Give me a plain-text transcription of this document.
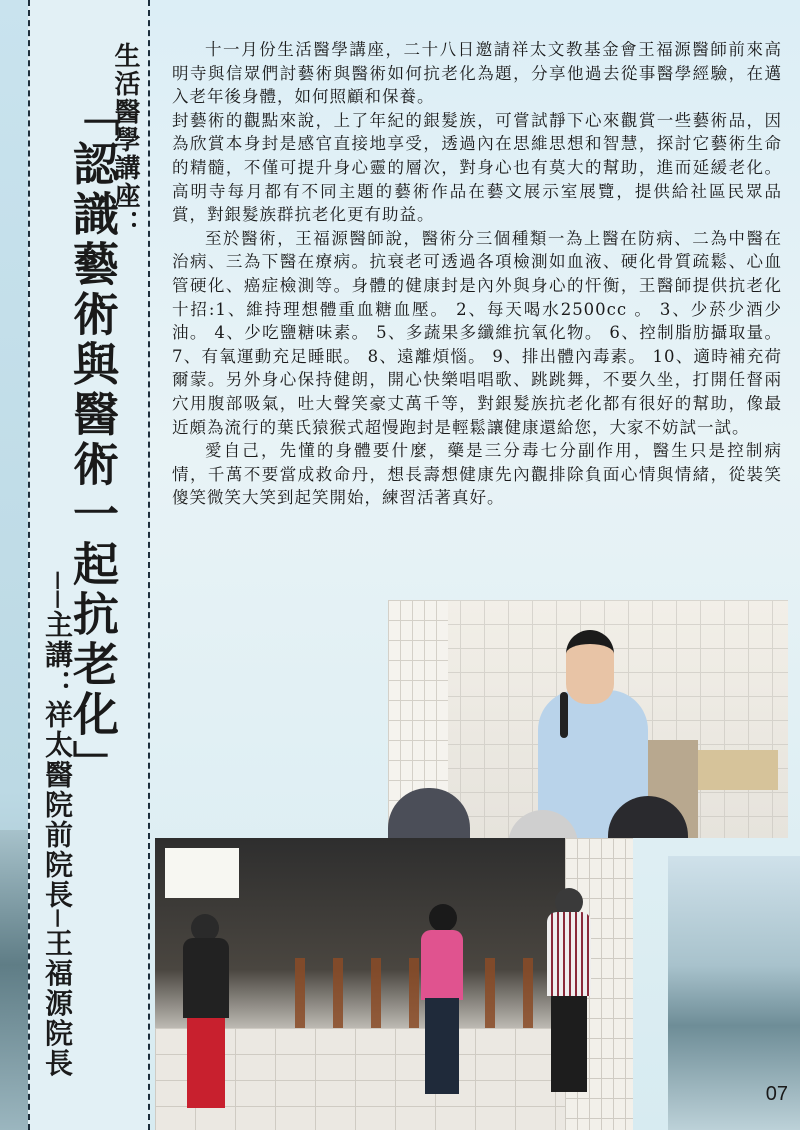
生活醫學講座：
「認識藝術與醫術一起抗老化」
──主講：祥太醫院前院長─王福源院長

十一月份生活醫學講座，二十八日邀請祥太文教基金會王福源醫師前來高明寺與信眾們討藝術與醫術如何抗老化為題，分享他過去從事醫學經驗，在邁入老年後身體，如何照顧和保養。

封藝術的觀點來說，上了年紀的銀髮族，可嘗試靜下心來觀賞一些藝術品，因為欣賞本身封是感官直接地享受，透過內在思維思想和智慧，探討它藝術生命的精髓，不僅可提升身心靈的層次，對身心也有莫大的幫助，進而延緩老化。高明寺每月都有不同主題的藝術作品在藝文展示室展覽，提供給社區民眾品賞，對銀髮族群抗老化更有助益。

至於醫術，王福源醫師說，醫術分三個種類一為上醫在防病、二為中醫在治病、三為下醫在療病。抗衰老可透過各項檢測如血液、硬化骨質疏鬆、心血管硬化、癌症檢測等。身體的健康封是內外與身心的忓衡，王醫師提供抗老化十招:1、維持理想體重血糖血壓。 2、每天喝水2500cc 。 3、少菸少酒少油。 4、少吃鹽糖味素。 5、多蔬果多纖維抗氧化物。 6、控制脂肪攝取量。 7、有氧運動充足睡眠。 8、遠離煩惱。 9、排出體內毒素。 10、適時補充荷爾蒙。另外身心保持健朗，開心快樂唱唱歌、跳跳舞，不要久坐，打開任督兩穴用腹部吸氣，吐大聲笑豪丈萬千等，對銀髮族抗老化都有很好的幫助，像最近頗為流行的葉氏猿猴式超慢跑封是輕鬆讓健康還給您，大家不妨試一試。

愛自己，先懂的身體要什麼，藥是三分毒七分副作用，醫生只是控制病情，千萬不要當成救命丹，想長壽想健康先內觀排除負面心情與情緒，從裝笑傻笑微笑大笑到起笑開始，練習活著真好。

07
